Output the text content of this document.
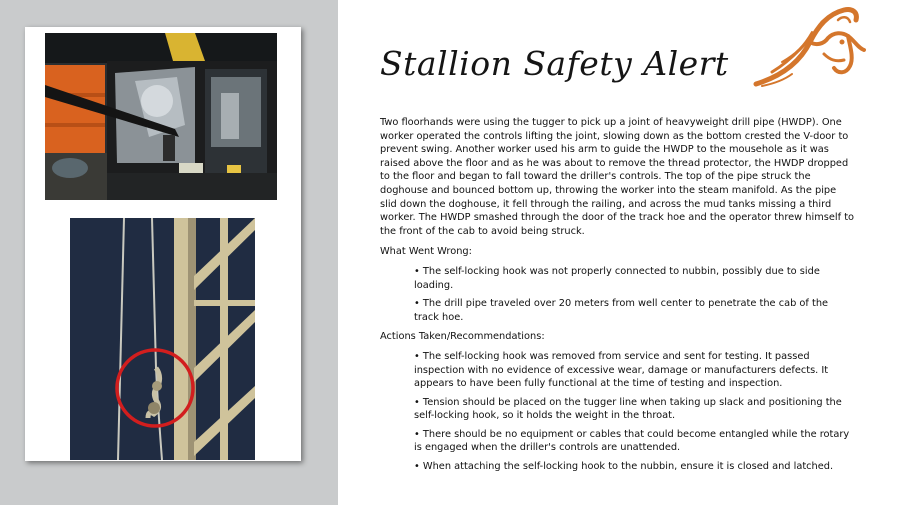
Stallion Safety Alert

Two floorhands were using the tugger to pick up a joint of heavyweight drill pipe (HWDP). One worker operated the controls lifting the joint, slowing down as the bottom crested the V-door to prevent swing. Another worker used his arm to guide the HWDP to the mousehole as it was raised above the floor and as he was about to remove the thread protector, the HWDP dropped to the floor and began to fall toward the driller's controls. The top of the pipe struck the doghouse and bounced bottom up, throwing the worker into the steam manifold. As the pipe slid down the doghouse, it fell through the railing, and across the mud tanks missing a third worker. The HWDP smashed through the door of the track hoe and the operator threw himself to the front of the cab to avoid being struck.

What Went Wrong:
• The self-locking hook was not properly connected to nubbin, possibly due to side loading.
• The drill pipe traveled over 20 meters from well center to penetrate the cab of the track hoe.
Actions Taken/Recommendations:
• The self-locking hook was removed from service and sent for testing. It passed inspection with no evidence of excessive wear, damage or manufacturers defects. It appears to have been fully functional at the time of testing and inspection.
• Tension should be placed on the tugger line when taking up slack and positioning the self-locking hook, so it holds the weight in the throat.
• There should be no equipment or cables that could become entangled while the rotary is engaged when the driller's controls are unattended.
• When attaching the self-locking hook to the nubbin, ensure it is closed and latched.
